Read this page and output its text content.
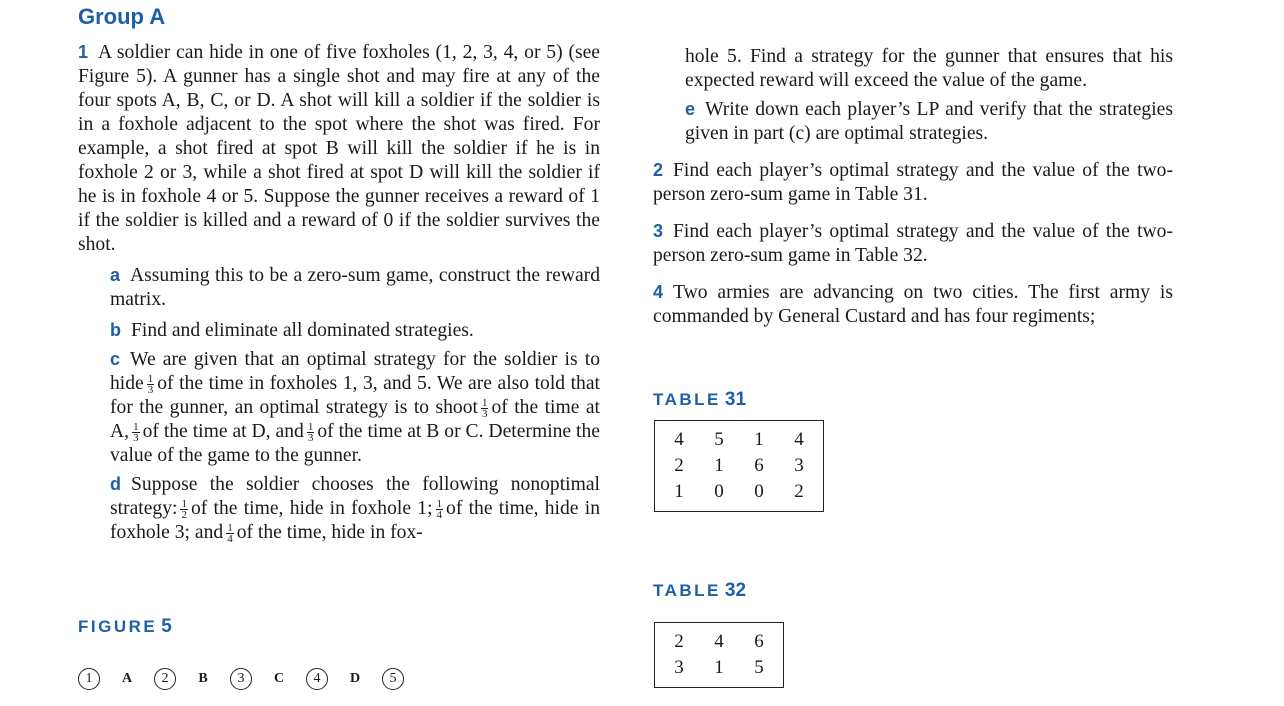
Group A

1 A soldier can hide in one of five foxholes (1, 2, 3, 4, or 5) (see Figure 5). A gunner has a single shot and may fire at any of the four spots A, B, C, or D. A shot will kill a soldier if the soldier is in a foxhole adjacent to the spot where the shot was fired. For example, a shot fired at spot B will kill the soldier if he is in foxhole 2 or 3, while a shot fired at spot D will kill the soldier if he is in foxhole 4 or 5. Suppose the gunner receives a reward of 1 if the soldier is killed and a reward of 0 if the soldier survives the shot.

a Assuming this to be a zero-sum game, construct the reward matrix.

b Find and eliminate all dominated strategies.

c We are given that an optimal strategy for the soldier is to hide $\frac{1}{3}$ of the time in foxholes 1, 3, and 5. We are also told that for the gunner, an optimal strategy is to shoot $\frac{1}{3}$ of the time at A, $\frac{1}{3}$ of the time at D, and $\frac{1}{3}$ of the time at B or C. Determine the value of the game to the gunner.

d Suppose the soldier chooses the following nonoptimal strategy: $\frac{1}{2}$ of the time, hide in foxhole 1; $\frac{1}{4}$ of the time, hide in foxhole 3; and $\frac{1}{4}$ of the time, hide in fox-

FIGURE 5
1	A	2	B	3	C	4	D	5

hole 5. Find a strategy for the gunner that ensures that his expected reward will exceed the value of the game.

e Write down each player’s LP and verify that the strategies given in part (c) are optimal strategies.

2 Find each player’s optimal strategy and the value of the two-person zero-sum game in Table 31.

3 Find each player’s optimal strategy and the value of the two-person zero-sum game in Table 32.

4 Two armies are advancing on two cities. The first army is commanded by General Custard and has four regiments;

TABLE 31
4	5	1	4
2	1	6	3
1	0	0	2
TABLE 32
2	4	6
3	1	5
